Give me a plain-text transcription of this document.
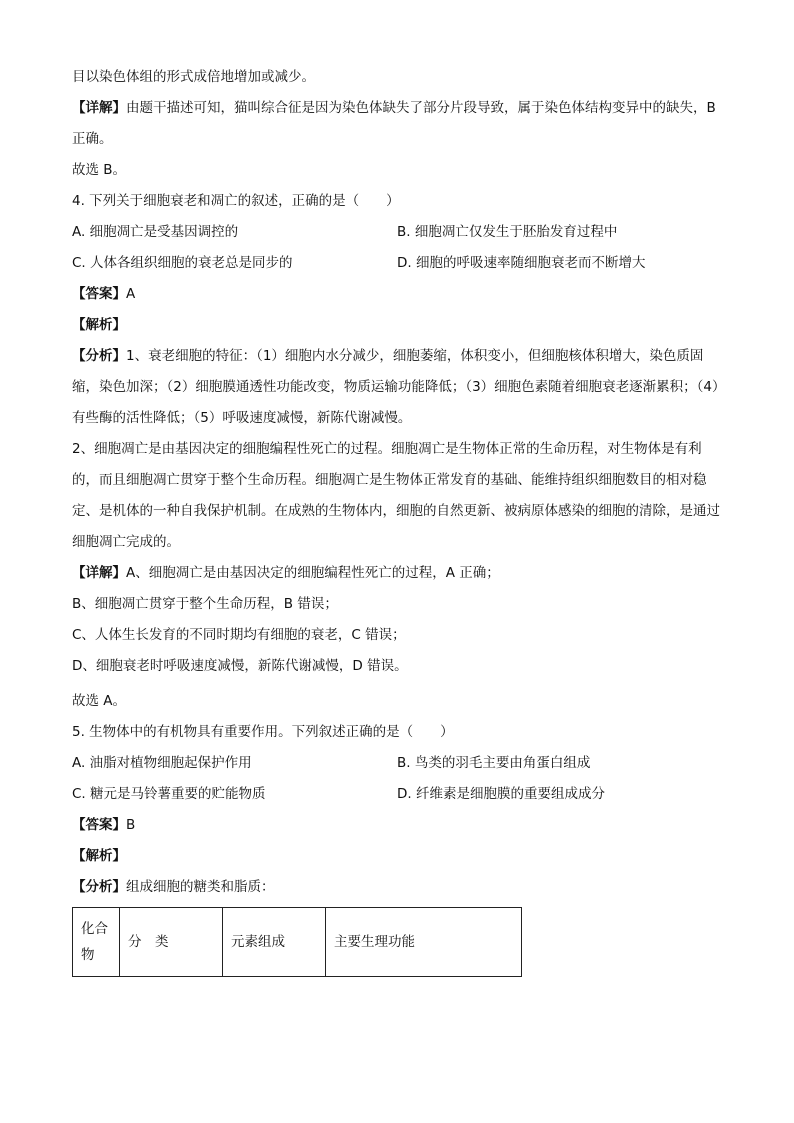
目以染色体组的形式成倍地增加或减少。
【详解】由题干描述可知，猫叫综合征是因为染色体缺失了部分片段导致，属于染色体结构变异中的缺失，B 正确。
故选 B。
4. 下列关于细胞衰老和凋亡的叙述，正确的是（　　）
A. 细胞凋亡是受基因调控的	B. 细胞凋亡仅发生于胚胎发育过程中
C. 人体各组织细胞的衰老总是同步的	D. 细胞的呼吸速率随细胞衰老而不断增大
【答案】A
【解析】
【分析】1、衰老细胞的特征：（1）细胞内水分减少，细胞萎缩，体积变小，但细胞核体积增大，染色质固缩，染色加深；（2）细胞膜通透性功能改变，物质运输功能降低；（3）细胞色素随着细胞衰老逐渐累积；（4）有些酶的活性降低；（5）呼吸速度减慢，新陈代谢减慢。
2、细胞凋亡是由基因决定的细胞编程性死亡的过程。细胞凋亡是生物体正常的生命历程，对生物体是有利的，而且细胞凋亡贯穿于整个生命历程。细胞凋亡是生物体正常发育的基础、能维持组织细胞数目的相对稳定、是机体的一种自我保护机制。在成熟的生物体内，细胞的自然更新、被病原体感染的细胞的清除，是通过细胞凋亡完成的。
【详解】A、细胞凋亡是由基因决定的细胞编程性死亡的过程，A 正确；
B、细胞凋亡贯穿于整个生命历程，B 错误；
C、人体生长发育的不同时期均有细胞的衰老，C 错误；
D、细胞衰老时呼吸速度减慢，新陈代谢减慢，D 错误。
故选 A。
5. 生物体中的有机物具有重要作用。下列叙述正确的是（　　）
A. 油脂对植物细胞起保护作用	B. 鸟类的羽毛主要由角蛋白组成
C. 糖元是马铃薯重要的贮能物质	D. 纤维素是细胞膜的重要组成成分
【答案】B
【解析】
【分析】组成细胞的糖类和脂质：
化合物	分　类	元素组成	主要生理功能
